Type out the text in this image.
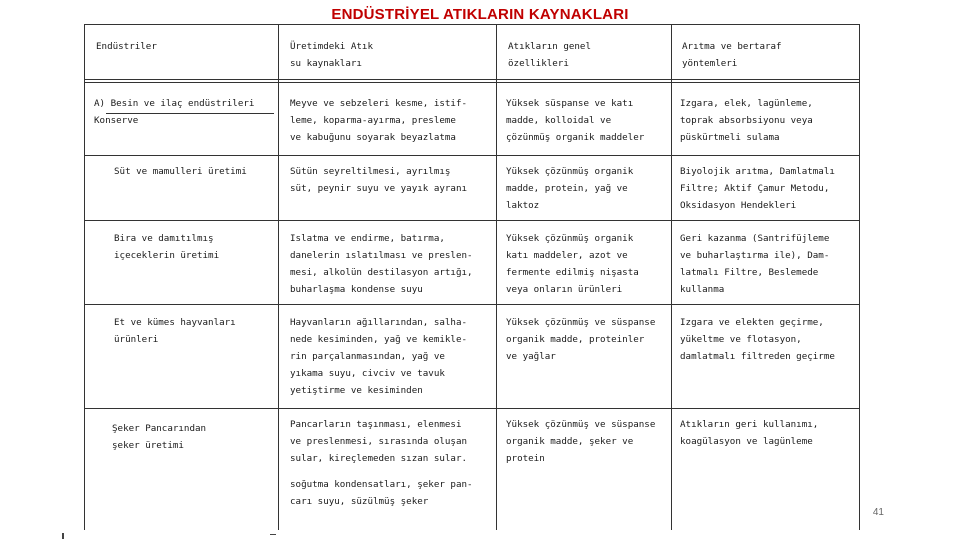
ENDÜSTRİYEL ATIKLARIN KAYNAKLARI
Endüstriler	Üretimdeki Atık
su kaynakları
Atıkların genel
özellikleri
Arıtma ve bertaraf
yöntemleri
A) Besin ve ilaç endüstrileri
Konserve
Meyve ve sebzeleri kesme, istif-
leme, koparma-ayırma, presleme
ve kabuğunu soyarak beyazlatma
Yüksek süspanse ve katı
madde, kolloidal ve
çözünmüş organik maddeler
Izgara, elek, lagünleme,
toprak absorbsiyonu veya
püskürtmeli sulama
Süt ve mamulleri üretimi	Sütün seyreltilmesi, ayrılmış
süt, peynir suyu ve yayık ayranı
Yüksek çözünmüş organik
madde, protein, yağ ve
laktoz
Biyolojik arıtma, Damlatmalı
Filtre; Aktif Çamur Metodu,
Oksidasyon Hendekleri
Bira ve damıtılmış
içeceklerin üretimi
Islatma ve endirme, batırma,
danelerin ıslatılması ve preslen-
mesi, alkolün destilasyon artığı,
buharlaşma kondense suyu
Yüksek çözünmüş organik
katı maddeler, azot ve
fermente edilmiş nişasta
veya onların ürünleri
Geri kazanma (Santrifüjleme
ve buharlaştırma ile), Dam-
latmalı Filtre, Beslemede
kullanma
Et ve kümes hayvanları
ürünleri
Hayvanların ağıllarından, salha-
nede kesiminden, yağ ve kemikle-
rin parçalanmasından, yağ ve
yıkama suyu, civciv ve tavuk
yetiştirme ve kesiminden
Yüksek çözünmüş ve süspanse
organik madde, proteinler
ve yağlar
Izgara ve elekten geçirme,
yükeltme ve flotasyon,
damlatmalı filtreden geçirme
Şeker Pancarından
şeker üretimi
Pancarların taşınması, elenmesi
ve preslenmesi, sırasında oluşan
sular, kireçlemeden sızan sular.
soğutma kondensatları, şeker pan-
carı suyu, süzülmüş şeker
Yüksek çözünmüş ve süspanse
organik madde, şeker ve
protein
Atıkların geri kullanımı,
koagülasyon ve lagünleme
41
